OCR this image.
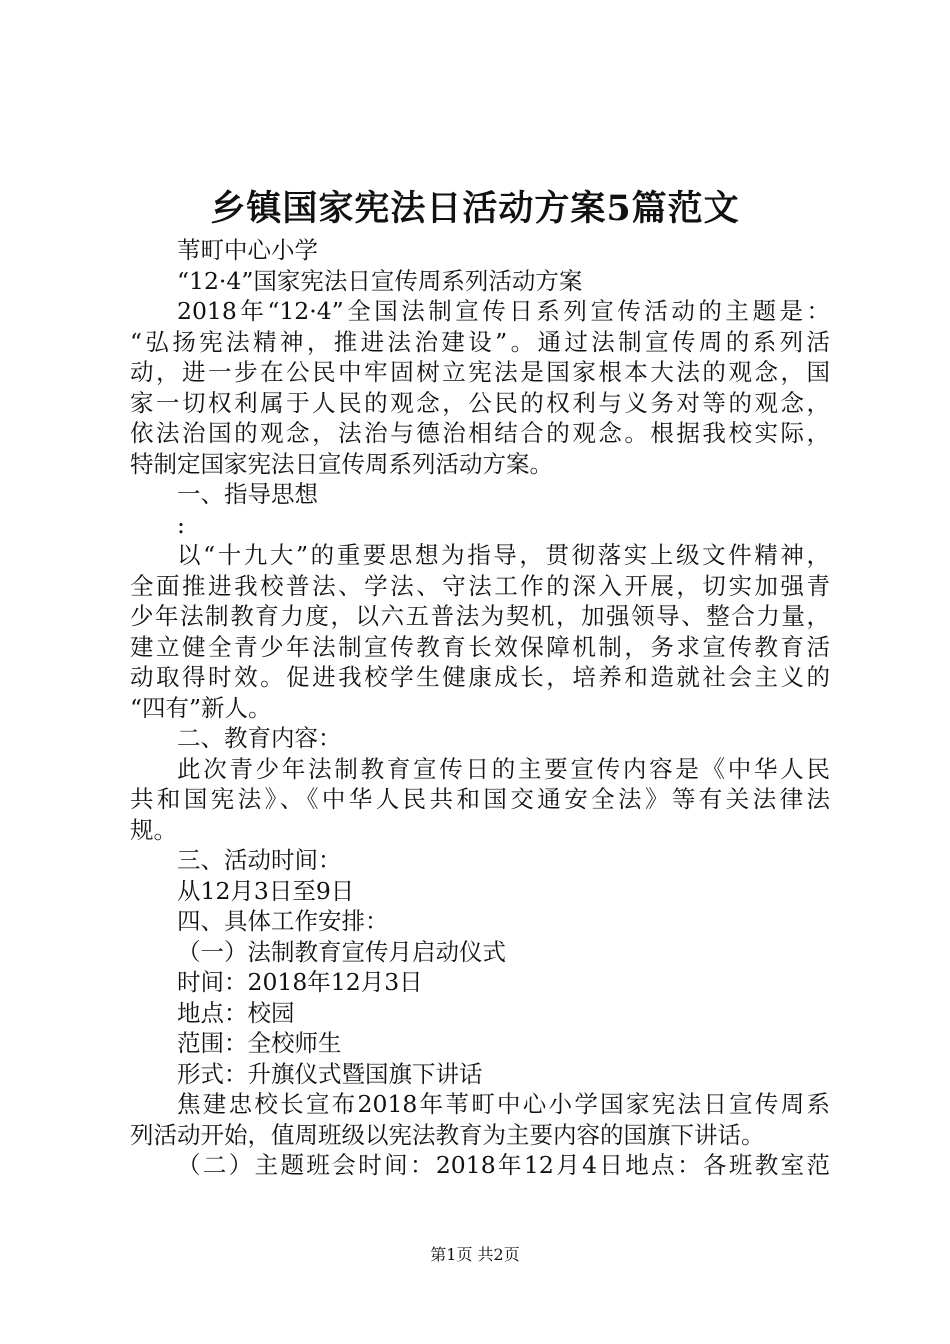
乡镇国家宪法日活动方案5篇范文
苇町中心小学
“12·4”国家宪法日宣传周系列活动方案
2018年“12·4”全国法制宣传日系列宣传活动的主题是：
“弘扬宪法精神，推进法治建设”。通过法制宣传周的系列活
动，进一步在公民中牢固树立宪法是国家根本大法的观念，国
家一切权利属于人民的观念，公民的权利与义务对等的观念，
依法治国的观念，法治与德治相结合的观念。根据我校实际，
特制定国家宪法日宣传周系列活动方案。
一、指导思想
:
以“十九大”的重要思想为指导，贯彻落实上级文件精神，
全面推进我校普法、学法、守法工作的深入开展，切实加强青
少年法制教育力度，以六五普法为契机，加强领导、整合力量，
建立健全青少年法制宣传教育长效保障机制，务求宣传教育活
动取得时效。促进我校学生健康成长，培养和造就社会主义的
“四有”新人。
二、教育内容：
此次青少年法制教育宣传日的主要宣传内容是《中华人民
共和国宪法》、《中华人民共和国交通安全法》等有关法律法
规。
三、活动时间：
从12月3日至9日
四、具体工作安排：
（一）法制教育宣传月启动仪式
时间：2018年12月3日
地点：校园
范围：全校师生
形式：升旗仪式暨国旗下讲话
焦建忠校长宣布2018年苇町中心小学国家宪法日宣传周系
列活动开始，值周班级以宪法教育为主要内容的国旗下讲话。
（二）主题班会时间：2018年12月4日地点：各班教室范
第1页 共2页
